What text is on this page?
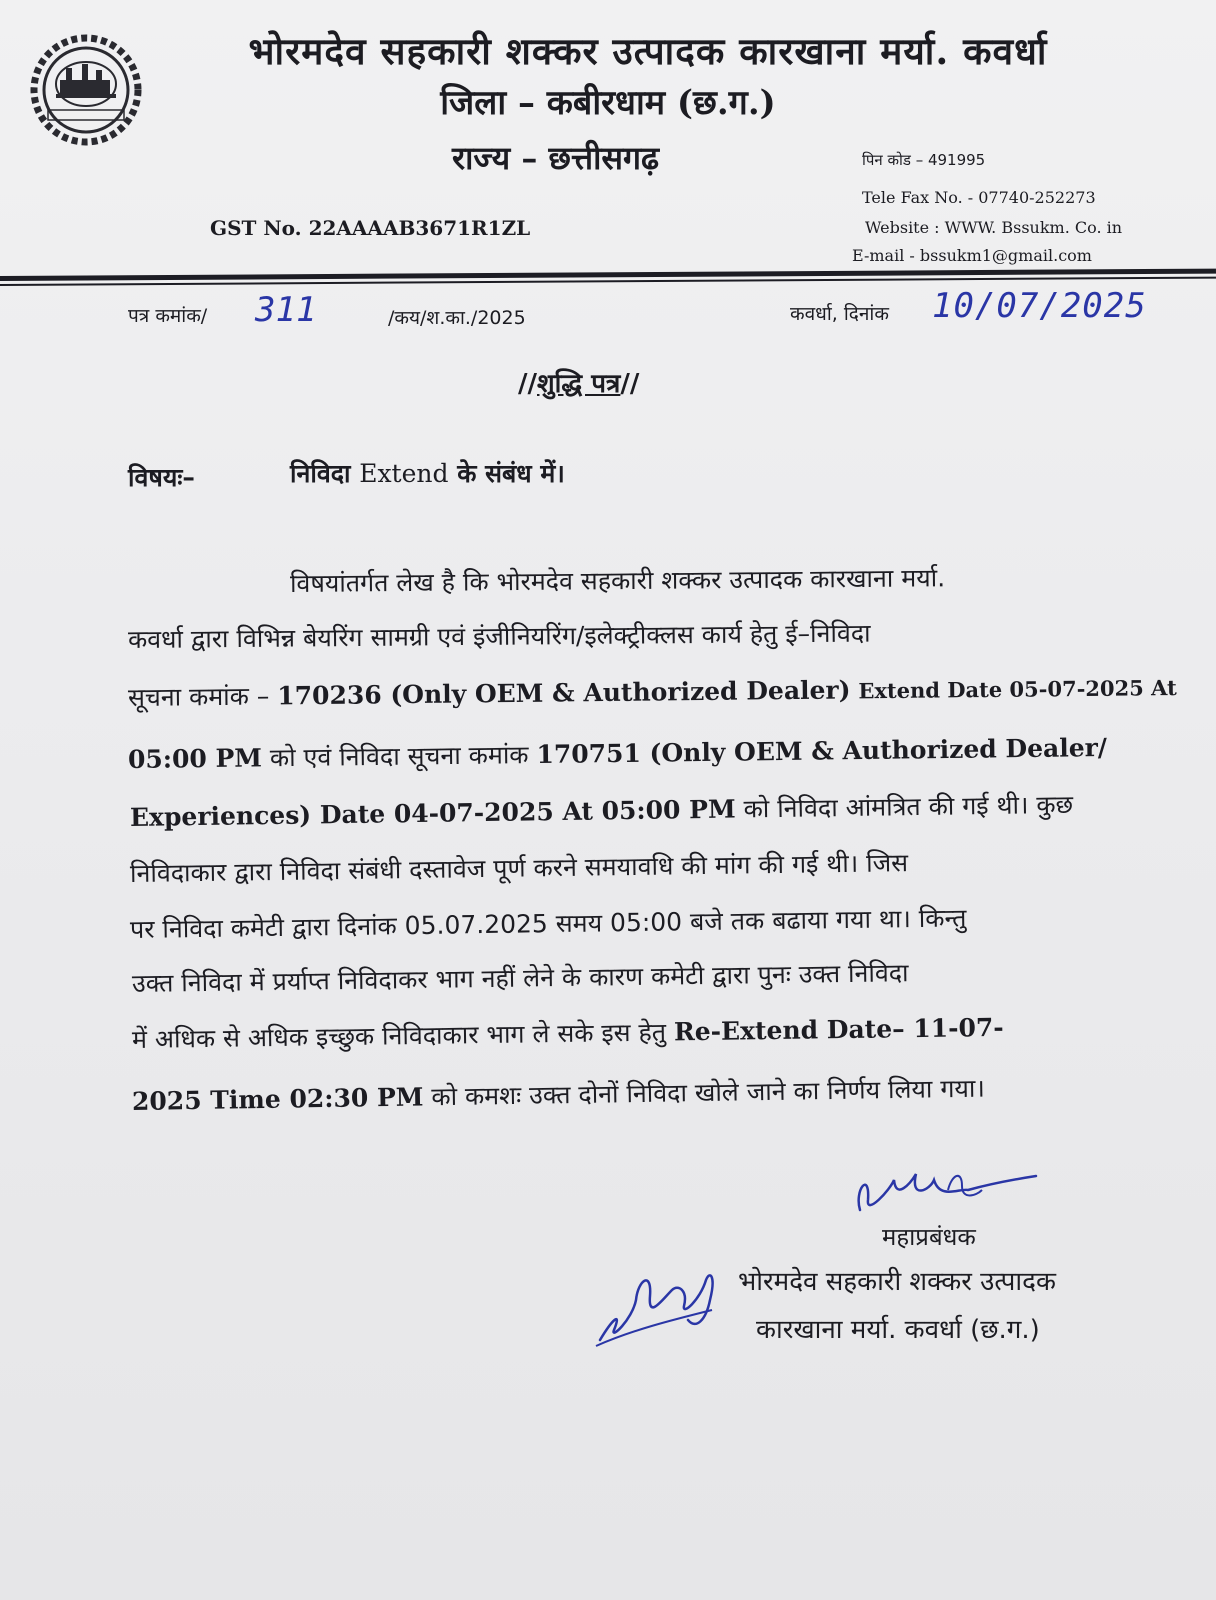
भोरमदेव सहकारी शक्कर उत्पादक कारखाना मर्या. कवर्धा
जिला – कबीरधाम (छ.ग.)
राज्य – छत्तीसगढ़	पिन कोड – 491995
Tele Fax No. - 07740-252273
Website : WWW. Bssukm. Co. in
E-mail - bssukm1@gmail.com
GST No. 22AAAAB3671R1ZL
पत्र कमांक/ 311	/कय/श.का./2025	कवर्धा, दिनांक 10/07/2025
//शुद्धि पत्र//
विषयः–	निविदा Extend के संबंध में।
विषयांतर्गत लेख है कि भोरमदेव सहकारी शक्कर उत्पादक कारखाना मर्या.
कवर्धा द्वारा विभिन्न बेयरिंग सामग्री एवं इंजीनियरिंग/इलेक्ट्रीक्लस कार्य हेतु ई–निविदा
सूचना कमांक – 170236 (Only OEM & Authorized Dealer) Extend Date 05-07-2025 At
05:00 PM को एवं निविदा सूचना कमांक 170751 (Only OEM & Authorized Dealer/
Experiences) Date 04-07-2025 At 05:00 PM को निविदा आंमत्रित की गई थी। कुछ
निविदाकार द्वारा निविदा संबंधी दस्तावेज पूर्ण करने समयावधि की मांग की गई थी। जिस
पर निविदा कमेटी द्वारा दिनांक 05.07.2025 समय 05:00 बजे तक बढाया गया था। किन्तु
उक्त निविदा में प्रर्याप्त निविदाकर भाग नहीं लेने के कारण कमेटी द्वारा पुनः उक्त निविदा
में अधिक से अधिक इच्छुक निविदाकार भाग ले सके इस हेतु Re-Extend Date– 11-07-
2025 Time 02:30 PM को कमशः उक्त दोनों निविदा खोले जाने का निर्णय लिया गया।
महाप्रबंधक
भोरमदेव सहकारी शक्कर उत्पादक
कारखाना मर्या. कवर्धा (छ.ग.)
